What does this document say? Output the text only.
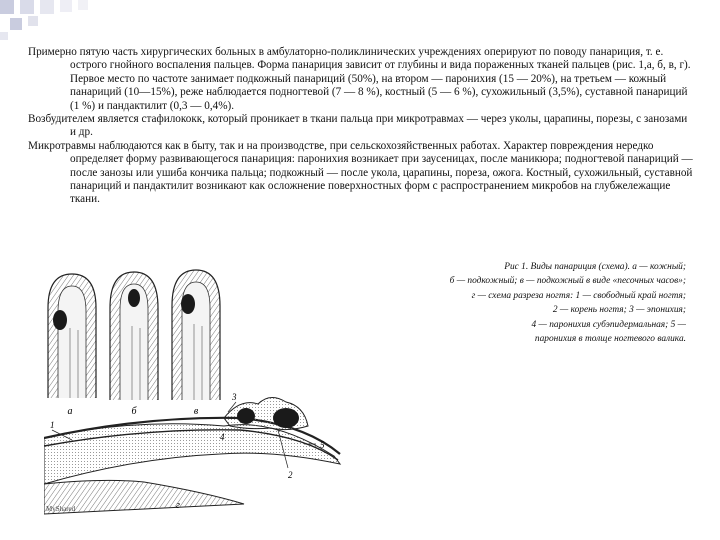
Примерно пятую часть хирургических больных в амбулаторно-поликлинических учреждениях оперируют по поводу панариция, т. е. острого гнойного воспаления пальцев. Форма панариция зависит от глубины и вида пораженных тканей пальцев (рис. 1,а, б, в, г). Первое место по частоте занимает подкожный панариций (50%), на втором — паронихия (15 — 20%), на третьем — кожный панариций (10—15%), реже наблюдается подногтевой (7 — 8 %), костный (5 — 6 %), сухожильный (3,5%), суставной панариций (1 %) и пандактилит (0,3 — 0,4%).

Возбудителем является стафилококк, который проникает в ткани пальца при микротравмах — через уколы, царапины, порезы, с занозами и др.

Микротравмы наблюдаются как в быту, так и на производстве, при сельскохозяйственных работах. Характер повреждения нередко определяет форму развивающегося панариция: паронихия возникает при заусеницах, после маникюра; подногтевой панариций — после занозы или ушиба кончика пальца; подкожный — после укола, царапины, пореза, ожога. Костный, сухожильный, суставной панариций и пандактилит возникают как осложнение поверхностных форм с распространением микробов на глубжележащие ткани.

Рис 1. Виды панариция (схема). а — кожный;
б — подкожный; в — подкожный в виде «песочных часов»;
г — схема разреза ногтя: 1 — свободный край ногтя;
2 — корень ногтя; 3 — эпонихия;
4 — паронихия субэпидермальная; 5 —
паронихия в толще ногтевого валика.
а	б	в
1
2
3
4
5
г
MyShared
